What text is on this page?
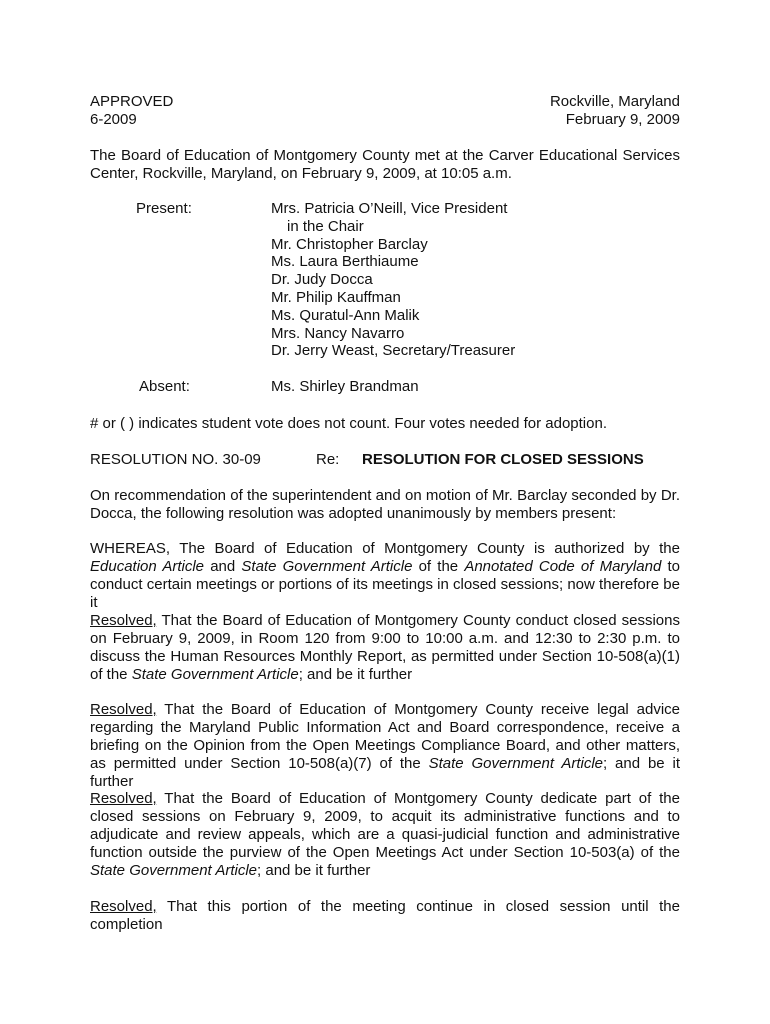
APPROVED
6-2009
Rockville, Maryland
February 9, 2009

The Board of Education of Montgomery County met at the Carver Educational Services Center, Rockville, Maryland, on February 9, 2009, at 10:05 a.m.

Present:	Mrs. Patricia O’Neill, Vice President
in the Chair
Mr. Christopher Barclay
Ms. Laura Berthiaume
Dr. Judy Docca
Mr. Philip Kauffman
Ms. Quratul-Ann Malik
Mrs. Nancy Navarro
Dr. Jerry Weast, Secretary/Treasurer
Absent:	Ms. Shirley Brandman
# or ( ) indicates student vote does not count. Four votes needed for adoption.
RESOLUTION NO. 30-09	Re: RESOLUTION FOR CLOSED SESSIONS

On recommendation of the superintendent and on motion of Mr. Barclay seconded by Dr. Docca, the following resolution was adopted unanimously by members present:

WHEREAS, The Board of Education of Montgomery County is authorized by the Education Article and State Government Article of the Annotated Code of Maryland to conduct certain meetings or portions of its meetings in closed sessions; now therefore be it

Resolved, That the Board of Education of Montgomery County conduct closed sessions on February 9, 2009, in Room 120 from 9:00 to 10:00 a.m. and 12:30 to 2:30 p.m. to discuss the Human Resources Monthly Report, as permitted under Section 10-508(a)(1) of the State Government Article; and be it further

Resolved, That the Board of Education of Montgomery County receive legal advice regarding the Maryland Public Information Act and Board correspondence, receive a briefing on the Opinion from the Open Meetings Compliance Board, and other matters, as permitted under Section 10-508(a)(7) of the State Government Article; and be it further

Resolved, That the Board of Education of Montgomery County dedicate part of the closed sessions on February 9, 2009, to acquit its administrative functions and to adjudicate and review appeals, which are a quasi-judicial function and administrative function outside the purview of the Open Meetings Act under Section 10-503(a) of the State Government Article; and be it further

Resolved, That this portion of the meeting continue in closed session until the completion
